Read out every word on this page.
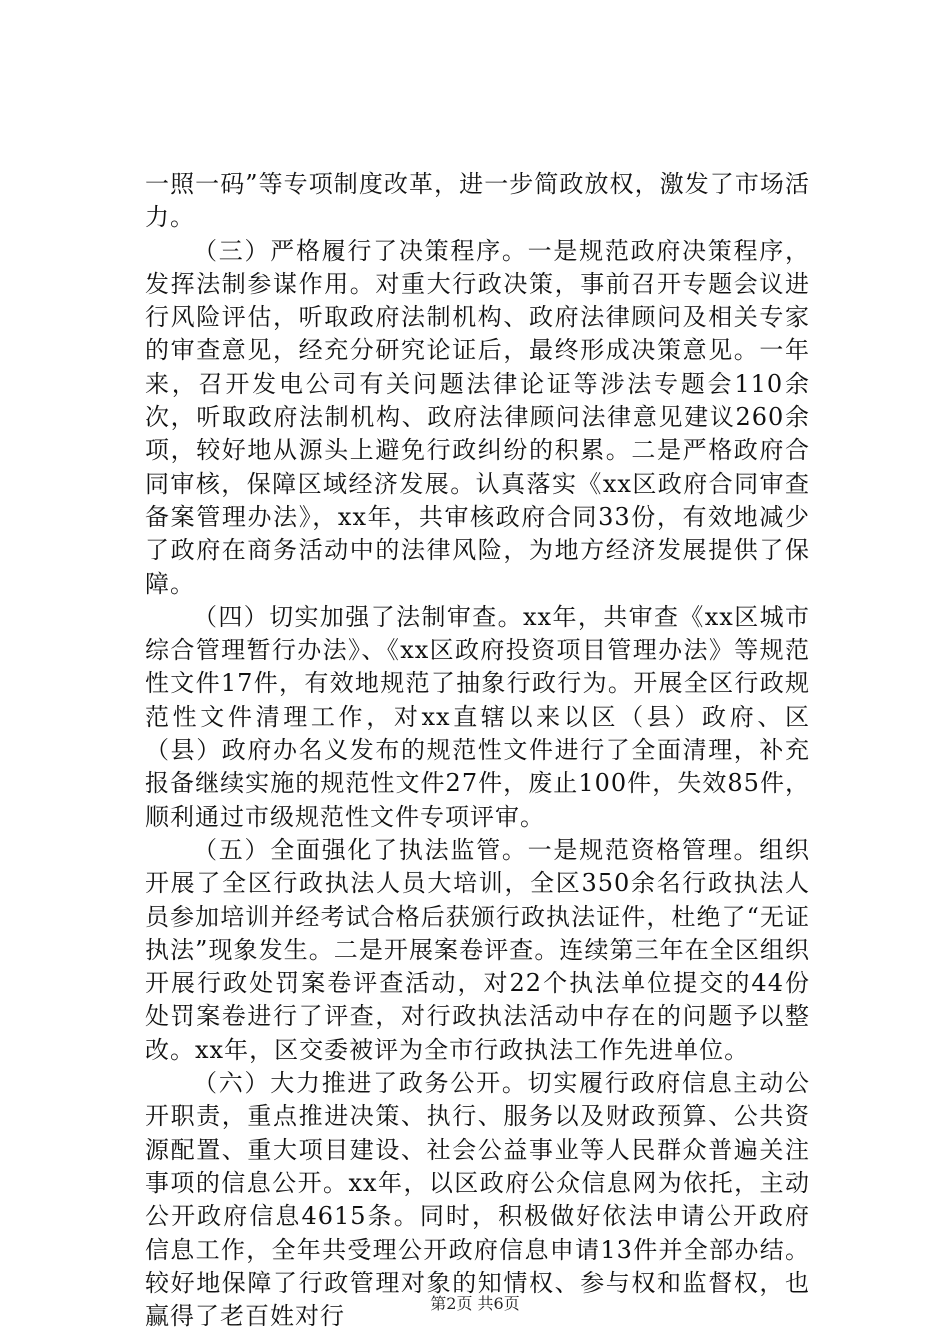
一照一码”等专项制度改革，进一步简政放权，激发了市场活力。

（三）严格履行了决策程序。一是规范政府决策程序，发挥法制参谋作用。对重大行政决策，事前召开专题会议进行风险评估，听取政府法制机构、政府法律顾问及相关专家的审查意见，经充分研究论证后，最终形成决策意见。一年来，召开发电公司有关问题法律论证等涉法专题会110余次，听取政府法制机构、政府法律顾问法律意见建议260余项，较好地从源头上避免行政纠纷的积累。二是严格政府合同审核，保障区域经济发展。认真落实《xx区政府合同审查备案管理办法》，xx年，共审核政府合同33份，有效地减少了政府在商务活动中的法律风险，为地方经济发展提供了保障。

（四）切实加强了法制审查。xx年，共审查《xx区城市综合管理暂行办法》、《xx区政府投资项目管理办法》等规范性文件17件，有效地规范了抽象行政行为。开展全区行政规范性文件清理工作，对xx直辖以来以区（县）政府、区（县）政府办名义发布的规范性文件进行了全面清理，补充报备继续实施的规范性文件27件，废止100件，失效85件，顺利通过市级规范性文件专项评审。

（五）全面强化了执法监管。一是规范资格管理。组织开展了全区行政执法人员大培训，全区350余名行政执法人员参加培训并经考试合格后获颁行政执法证件，杜绝了“无证执法”现象发生。二是开展案卷评查。连续第三年在全区组织开展行政处罚案卷评查活动，对22个执法单位提交的44份处罚案卷进行了评查，对行政执法活动中存在的问题予以整改。xx年，区交委被评为全市行政执法工作先进单位。

（六）大力推进了政务公开。切实履行政府信息主动公开职责，重点推进决策、执行、服务以及财政预算、公共资源配置、重大项目建设、社会公益事业等人民群众普遍关注事项的信息公开。xx年，以区政府公众信息网为依托，主动公开政府信息4615条。同时，积极做好依法申请公开政府信息工作，全年共受理公开政府信息申请13件并全部办结。较好地保障了行政管理对象的知情权、参与权和监督权，也赢得了老百姓对行	第2页 共6页
